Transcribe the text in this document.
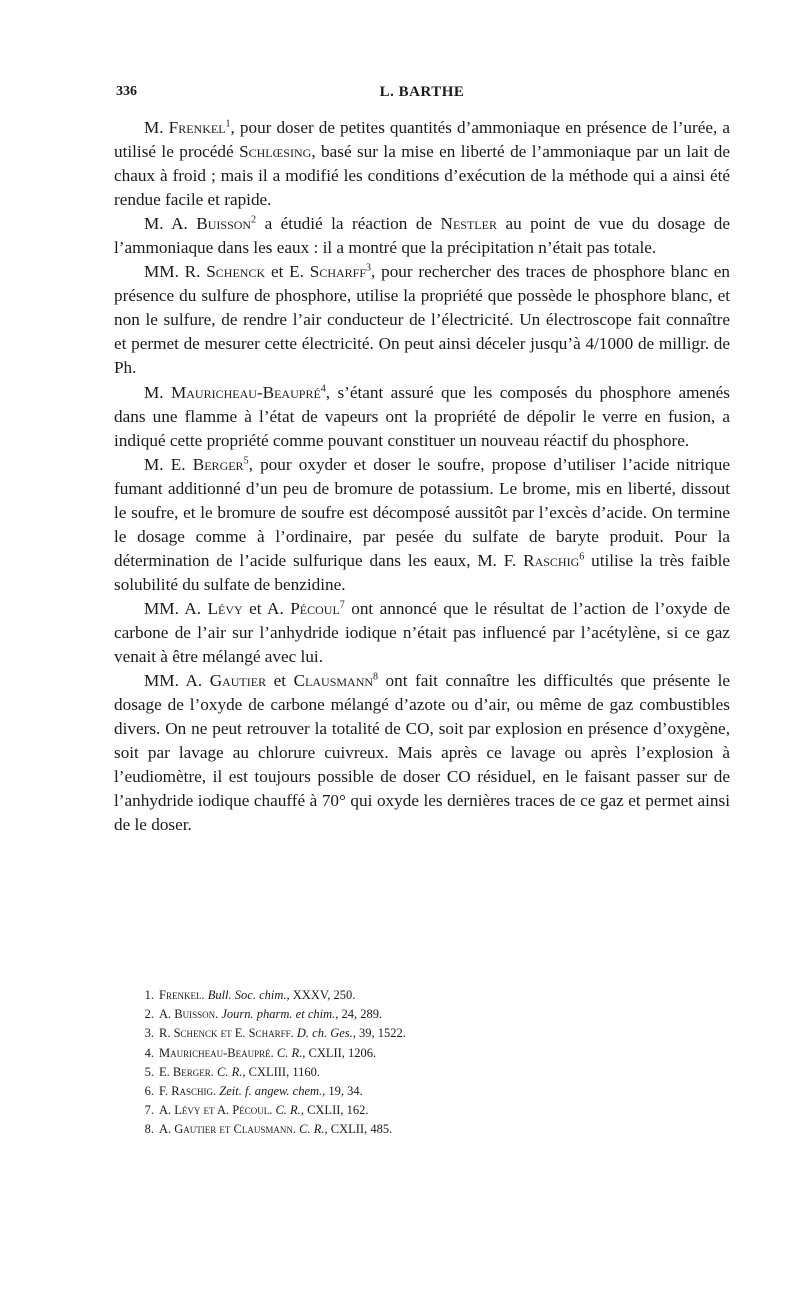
336	L. BARTHE

M. Frenkel$^1$, pour doser de petites quantités d’ammoniaque en présence de l’urée, a utilisé le procédé Schlœsing, basé sur la mise en liberté de l’ammoniaque par un lait de chaux à froid ; mais il a modifié les conditions d’exécution de la méthode qui a ainsi été rendue facile et rapide.

M. A. Buisson$^2$ a étudié la réaction de Nestler au point de vue du dosage de l’ammoniaque dans les eaux : il a montré que la précipitation n’était pas totale.

MM. R. Schenck et E. Scharff$^3$, pour rechercher des traces de phosphore blanc en présence du sulfure de phosphore, utilise la propriété que possède le phosphore blanc, et non le sulfure, de rendre l’air conducteur de l’électricité. Un électroscope fait connaître et permet de mesurer cette électricité. On peut ainsi déceler jusqu’à 4/1000 de milligr. de Ph.

M. Mauricheau-Beaupré$^4$, s’étant assuré que les composés du phosphore amenés dans une flamme à l’état de vapeurs ont la propriété de dépolir le verre en fusion, a indiqué cette propriété comme pouvant constituer un nouveau réactif du phosphore.

M. E. Berger$^5$, pour oxyder et doser le soufre, propose d’utiliser l’acide nitrique fumant additionné d’un peu de bromure de potassium. Le brome, mis en liberté, dissout le soufre, et le bromure de soufre est décomposé aussitôt par l’excès d’acide. On termine le dosage comme à l’ordinaire, par pesée du sulfate de baryte produit. Pour la détermination de l’acide sulfurique dans les eaux, M. F. Raschig$^6$ utilise la très faible solubilité du sulfate de benzidine.

MM. A. Lévy et A. Pécoul$^7$ ont annoncé que le résultat de l’action de l’oxyde de carbone de l’air sur l’anhydride iodique n’était pas influencé par l’acétylène, si ce gaz venait à être mélangé avec lui.

MM. A. Gautier et Clausmann$^8$ ont fait connaître les difficultés que présente le dosage de l’oxyde de carbone mélangé d’azote ou d’air, ou même de gaz combustibles divers. On ne peut retrouver la totalité de CO, soit par explosion en présence d’oxygène, soit par lavage au chlorure cuivreux. Mais après ce lavage ou après l’explosion à l’eudiomètre, il est toujours possible de doser CO résiduel, en le faisant passer sur de l’anhydride iodique chauffé à 70° qui oxyde les dernières traces de ce gaz et permet ainsi de le doser.

1. Frenkel. Bull. Soc. chim., XXXV, 250.
2. A. Buisson. Journ. pharm. et chim., 24, 289.
3. R. Schenck et E. Scharff. D. ch. Ges., 39, 1522.
4. Mauricheau-Beaupré. C. R., CXLII, 1206.
5. E. Berger. C. R., CXLIII, 1160.
6. F. Raschig. Zeit. f. angew. chem., 19, 34.
7. A. Lévy et A. Pécoul. C. R., CXLII, 162.
8. A. Gautier et Clausmann. C. R., CXLII, 485.
